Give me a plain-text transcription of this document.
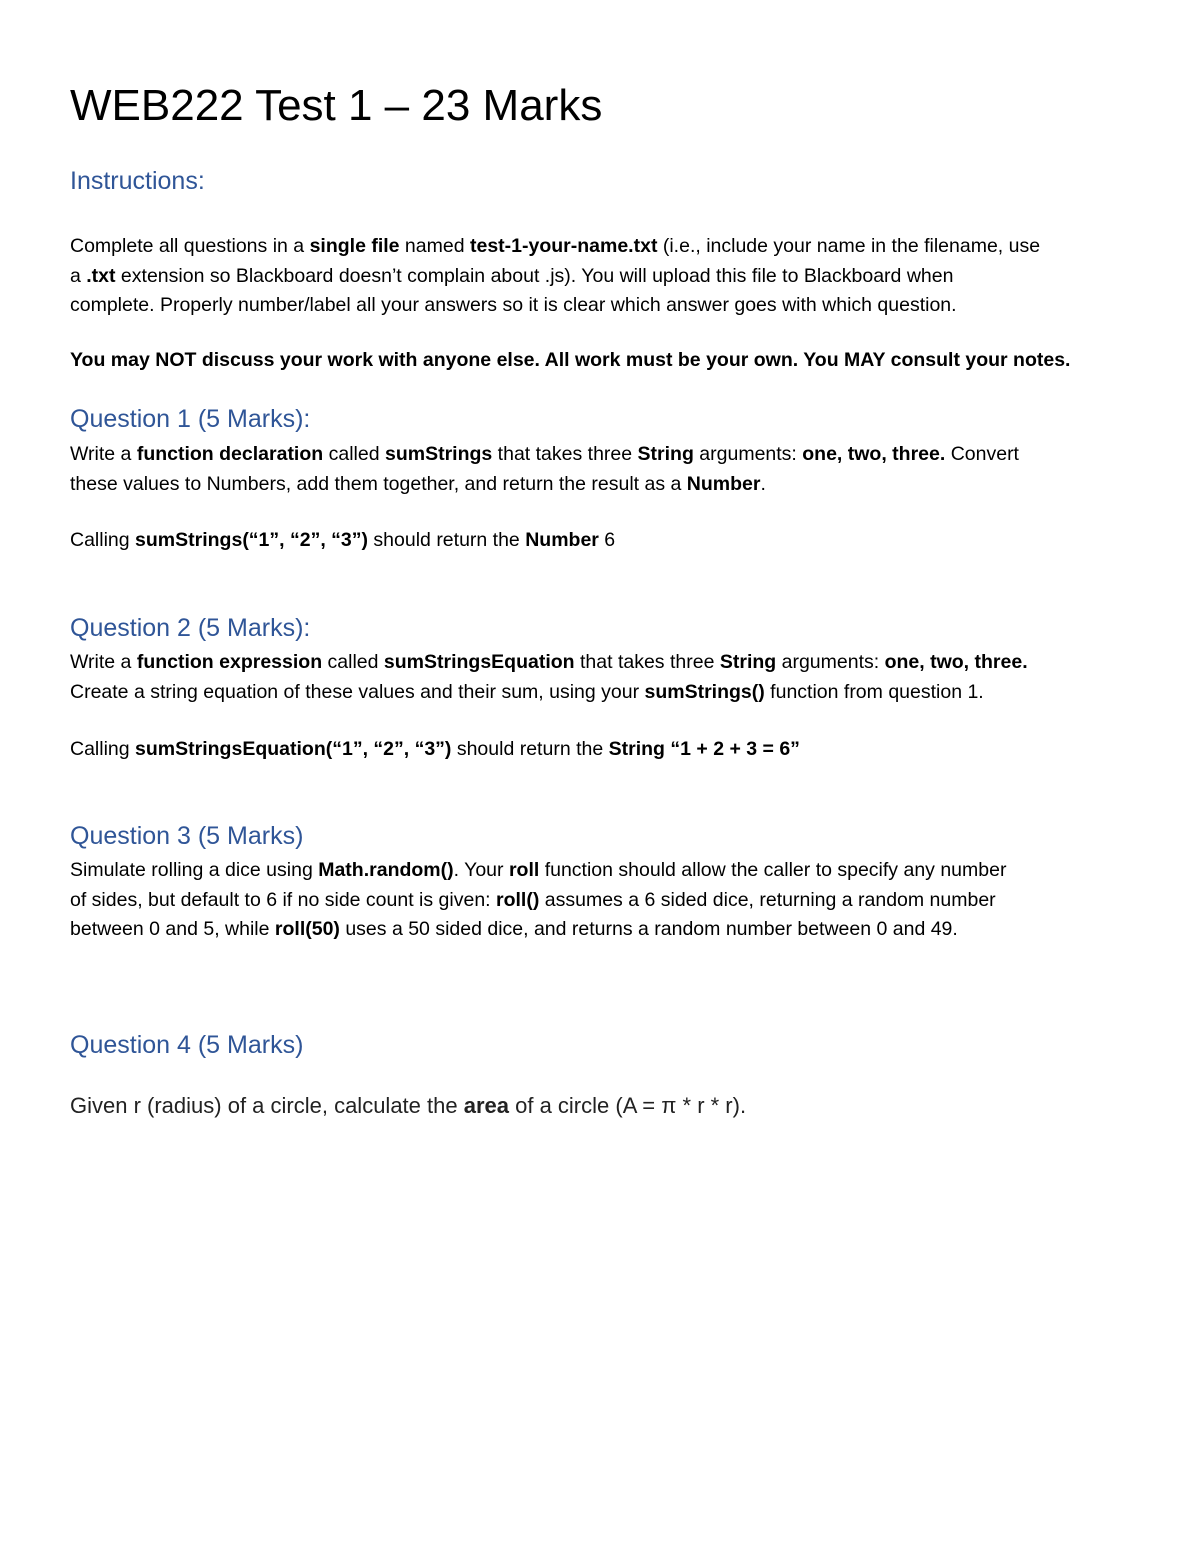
WEB222 Test 1 – 23 Marks
Instructions:
Complete all questions in a single file named test-1-your-name.txt (i.e., include your name in the filename, use
a .txt extension so Blackboard doesn’t complain about .js). You will upload this file to Blackboard when
complete. Properly number/label all your answers so it is clear which answer goes with which question.
You may NOT discuss your work with anyone else. All work must be your own. You MAY consult your notes.
Question 1 (5 Marks):
Write a function declaration called sumStrings that takes three String arguments: one, two, three. Convert
these values to Numbers, add them together, and return the result as a Number.
Calling sumStrings(“1”, “2”, “3”) should return the Number 6
Question 2 (5 Marks):
Write a function expression called sumStringsEquation that takes three String arguments: one, two, three.
Create a string equation of these values and their sum, using your sumStrings() function from question 1.
Calling sumStringsEquation(“1”, “2”, “3”) should return the String “1 + 2 + 3 = 6”
Question 3 (5 Marks)
Simulate rolling a dice using Math.random(). Your roll function should allow the caller to specify any number
of sides, but default to 6 if no side count is given: roll() assumes a 6 sided dice, returning a random number
between 0 and 5, while roll(50) uses a 50 sided dice, and returns a random number between 0 and 49.
Question 4 (5 Marks)
Given r (radius) of a circle, calculate the area of a circle (A = π * r * r).
